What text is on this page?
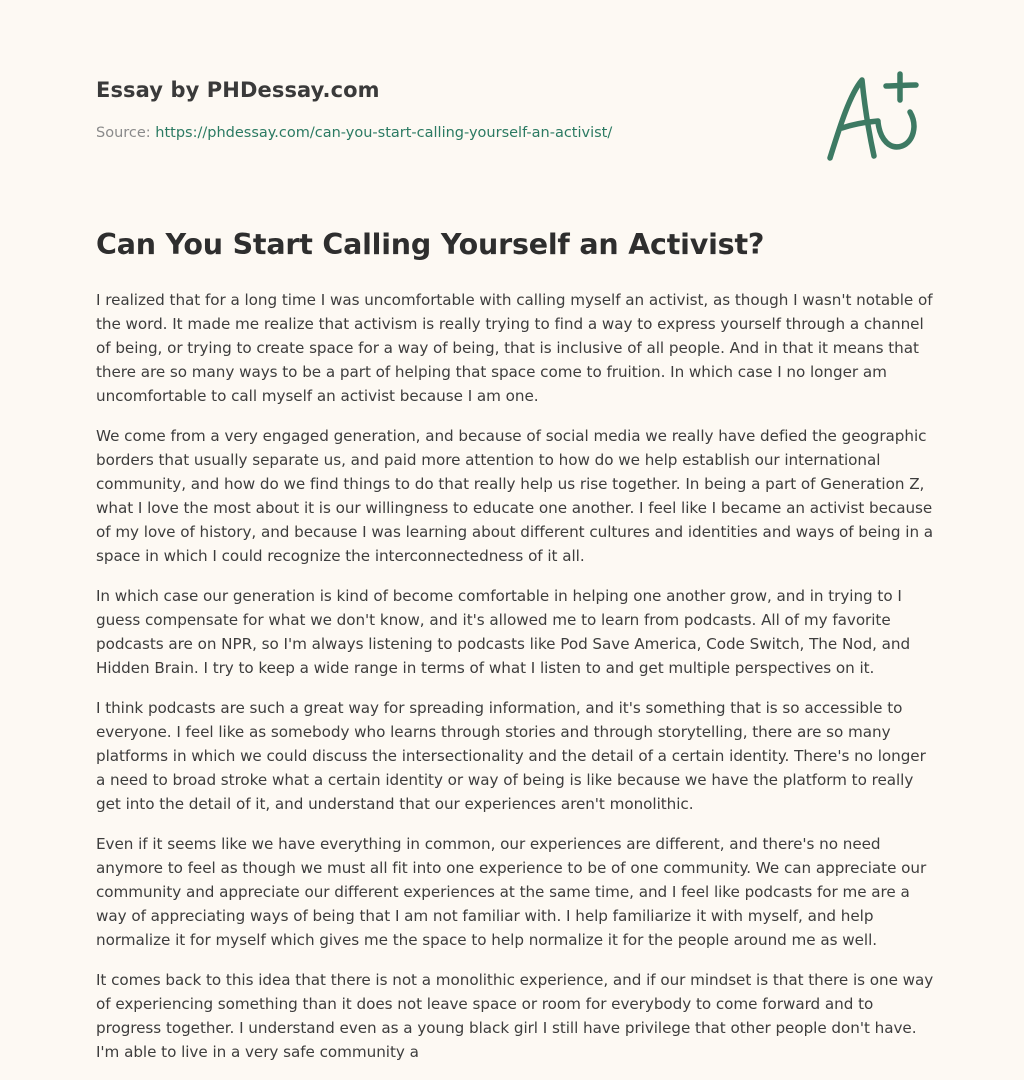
Essay by PHDessay.com
Source: https://phdessay.com/can-you-start-calling-yourself-an-activist/
Can You Start Calling Yourself an Activist?

I realized that for a long time I was uncomfortable with calling myself an activist, as though I wasn't notable of the word. It made me realize that activism is really trying to find a way to express yourself through a channel of being, or trying to create space for a way of being, that is inclusive of all people. And in that it means that there are so many ways to be a part of helping that space come to fruition. In which case I no longer am uncomfortable to call myself an activist because I am one.

We come from a very engaged generation, and because of social media we really have defied the geographic borders that usually separate us, and paid more attention to how do we help establish our international community, and how do we find things to do that really help us rise together. In being a part of Generation Z, what I love the most about it is our willingness to educate one another. I feel like I became an activist because of my love of history, and because I was learning about different cultures and identities and ways of being in a space in which I could recognize the interconnectedness of it all.

In which case our generation is kind of become comfortable in helping one another grow, and in trying to I guess compensate for what we don't know, and it's allowed me to learn from podcasts. All of my favorite podcasts are on NPR, so I'm always listening to podcasts like Pod Save America, Code Switch, The Nod, and Hidden Brain. I try to keep a wide range in terms of what I listen to and get multiple perspectives on it.

I think podcasts are such a great way for spreading information, and it's something that is so accessible to everyone. I feel like as somebody who learns through stories and through storytelling, there are so many platforms in which we could discuss the intersectionality and the detail of a certain identity. There's no longer a need to broad stroke what a certain identity or way of being is like because we have the platform to really get into the detail of it, and understand that our experiences aren't monolithic.

Even if it seems like we have everything in common, our experiences are different, and there's no need anymore to feel as though we must all fit into one experience to be of one community. We can appreciate our community and appreciate our different experiences at the same time, and I feel like podcasts for me are a way of appreciating ways of being that I am not familiar with. I help familiarize it with myself, and help normalize it for myself which gives me the space to help normalize it for the people around me as well.

It comes back to this idea that there is not a monolithic experience, and if our mindset is that there is one way of experiencing something than it does not leave space or room for everybody to come forward and to progress together. I understand even as a young black girl I still have privilege that other people don't have. I'm able to live in a very safe community a
